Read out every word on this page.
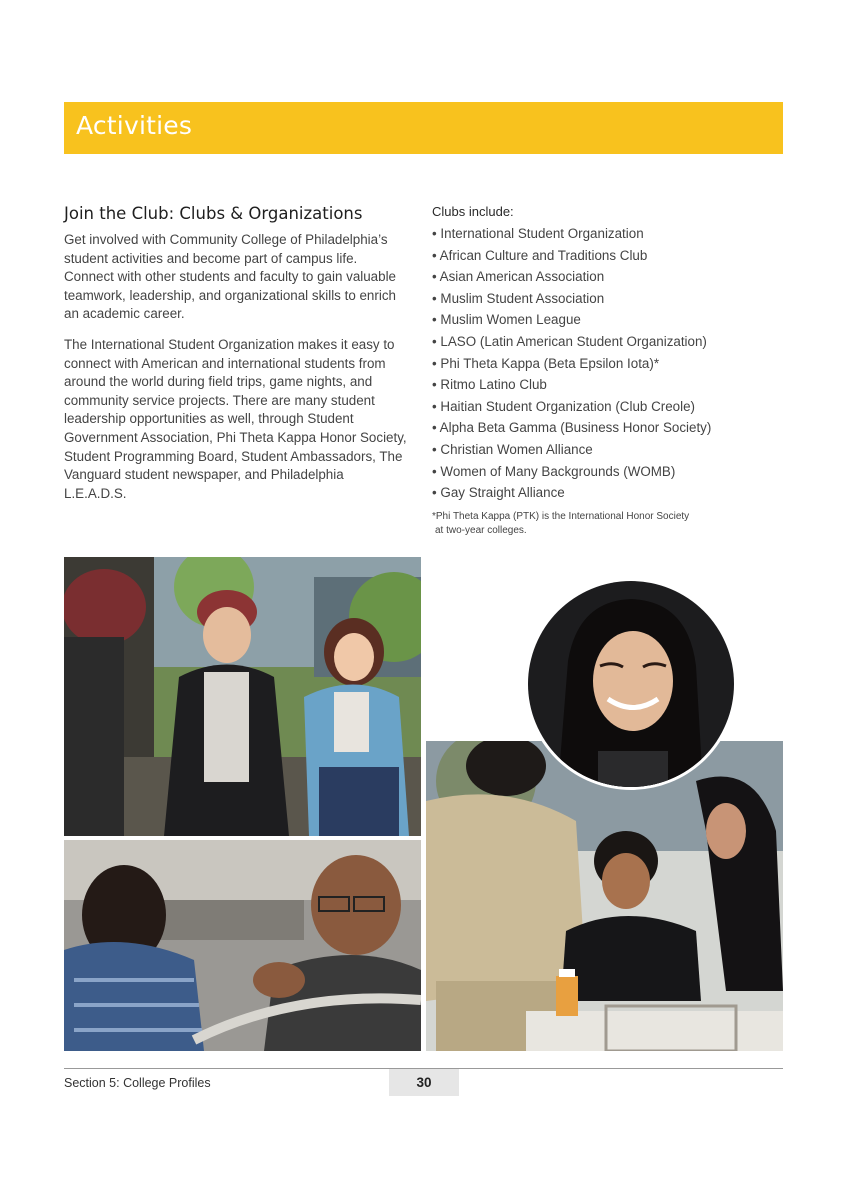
Activities
Join the Club: Clubs & Organizations

Get involved with Community College of Philadelphia’s student activities and become part of campus life. Connect with other students and faculty to gain valuable teamwork, leadership, and organizational skills to enrich an academic career.

The International Student Organization makes it easy to connect with American and international students from around the world during field trips, game nights, and community service projects. There are many student leadership opportunities as well, through Student Government Association, Phi Theta Kappa Honor Society, Student Programming Board, Student Ambassadors, The Vanguard student newspaper, and Philadelphia L.E.A.D.S.

Clubs include:
• International Student Organization
• African Culture and Traditions Club
• Asian American Association
• Muslim Student Association
• Muslim Women League
• LASO (Latin American Student Organization)
• Phi Theta Kappa (Beta Epsilon Iota)*
• Ritmo Latino Club
• Haitian Student Organization (Club Creole)
• Alpha Beta Gamma (Business Honor Society)
• Christian Women Alliance
• Women of Many Backgrounds (WOMB)
• Gay Straight Alliance
*Phi Theta Kappa (PTK) is the International Honor Society
at two-year colleges.
Section 5: College Profiles	30
